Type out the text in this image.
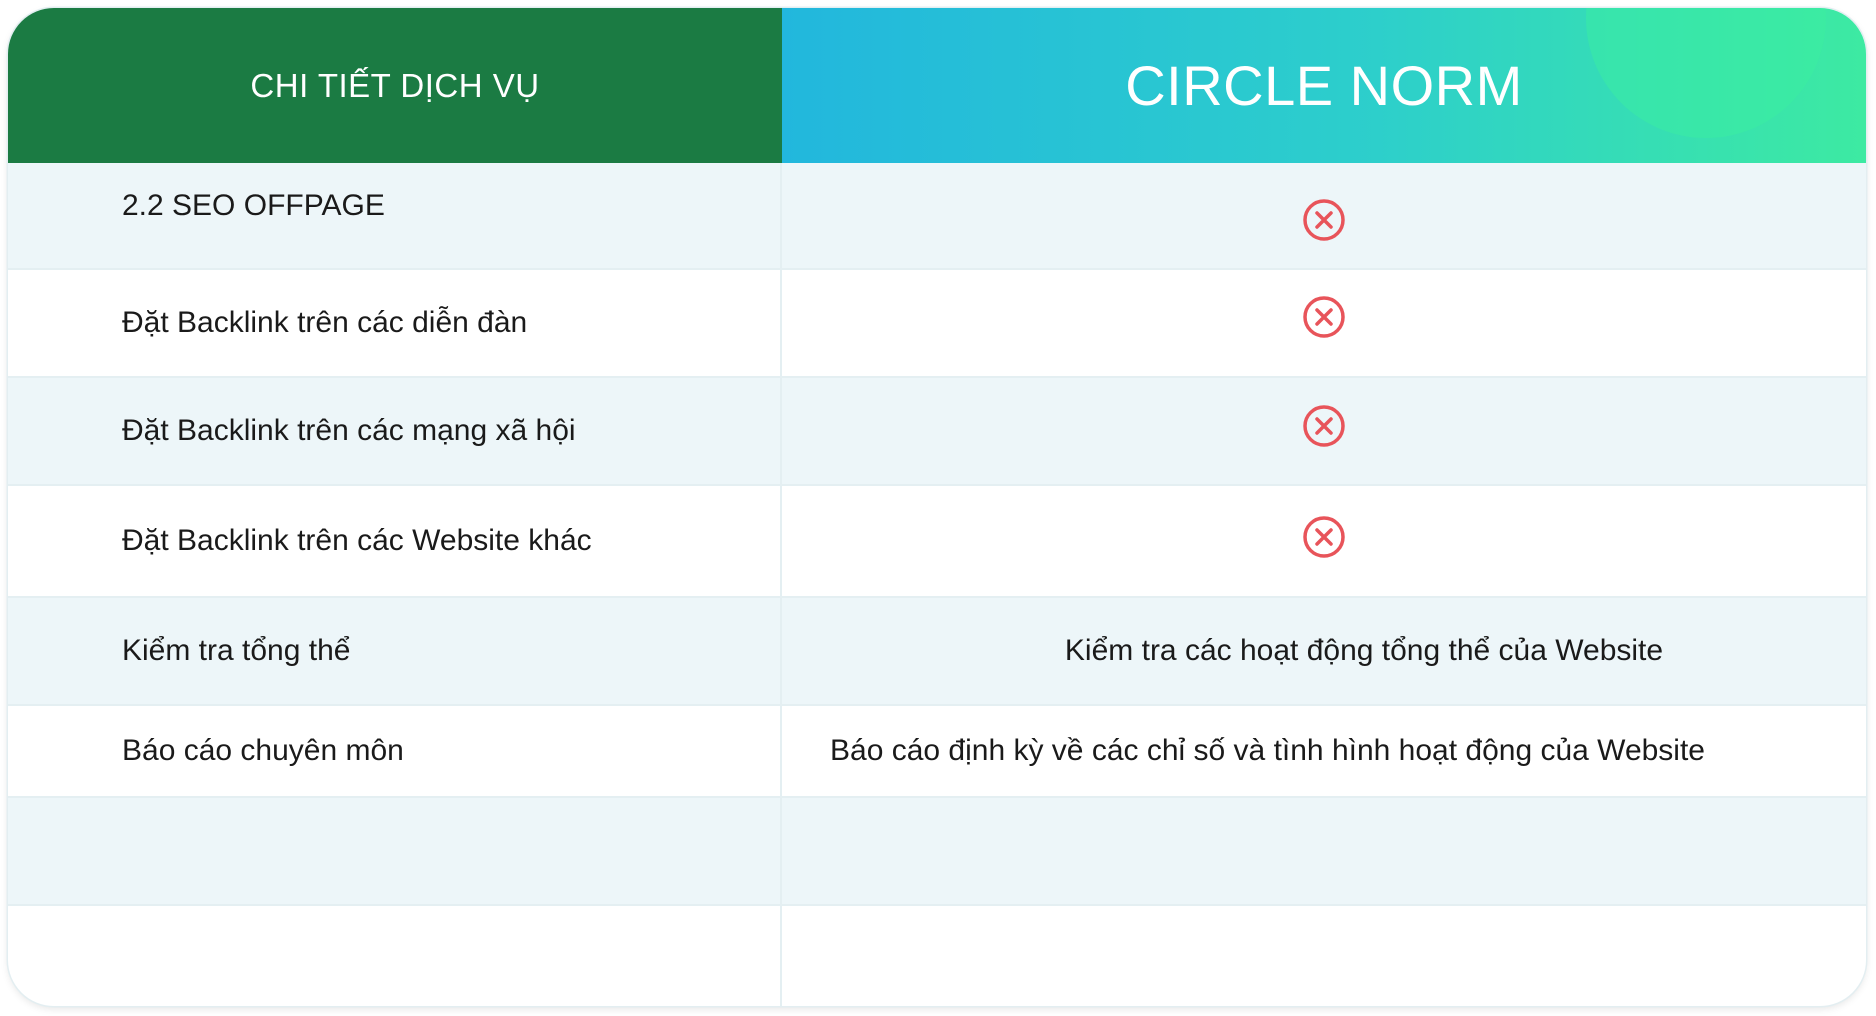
CHI TIẾT DỊCH VỤ	CIRCLE NORM
2.2 SEO OFFPAGE
Đặt Backlink trên các diễn đàn
Đặt Backlink trên các mạng xã hội
Đặt Backlink trên các Website khác
Kiểm tra tổng thể	Kiểm tra các hoạt động tổng thể của Website
Báo cáo chuyên môn	Báo cáo định kỳ về các chỉ số và tình hình hoạt động của Website
